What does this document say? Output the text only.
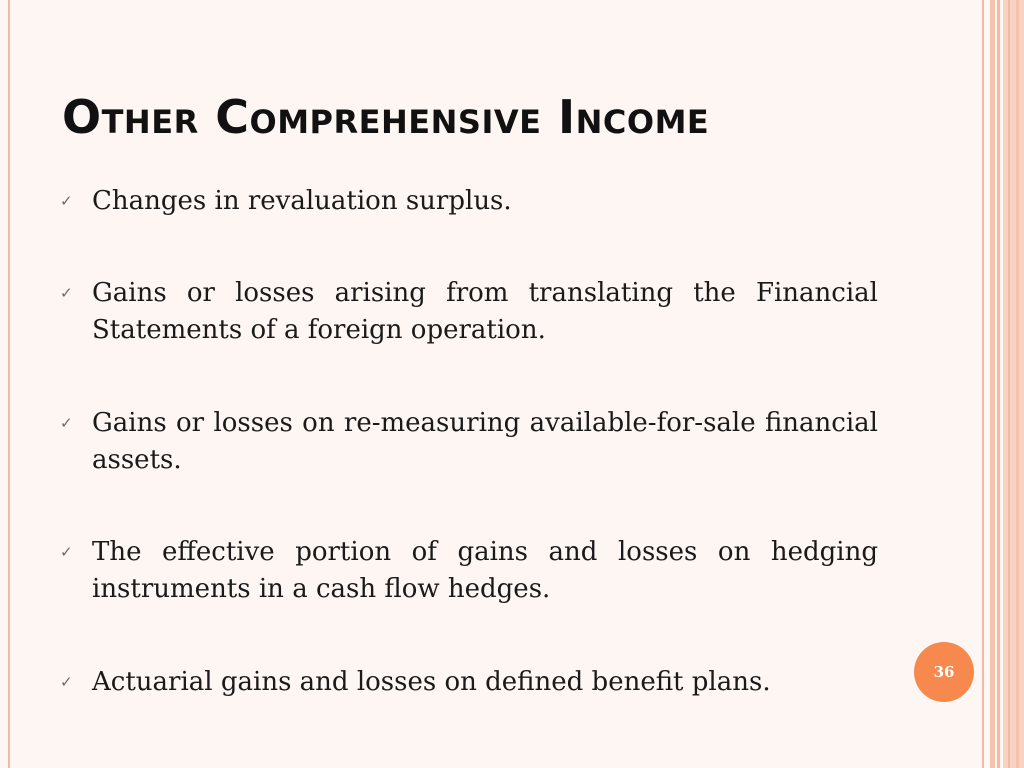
Other Comprehensive Income
✓ Changes in revaluation surplus.
✓ Gains or losses arising from translating the Financial Statements of a foreign operation.
✓ Gains or losses on re-measuring available-for-sale financial assets.
✓ The effective portion of gains and losses on hedging instruments in a cash flow hedges.
✓ Actuarial gains and losses on defined benefit plans.	36
